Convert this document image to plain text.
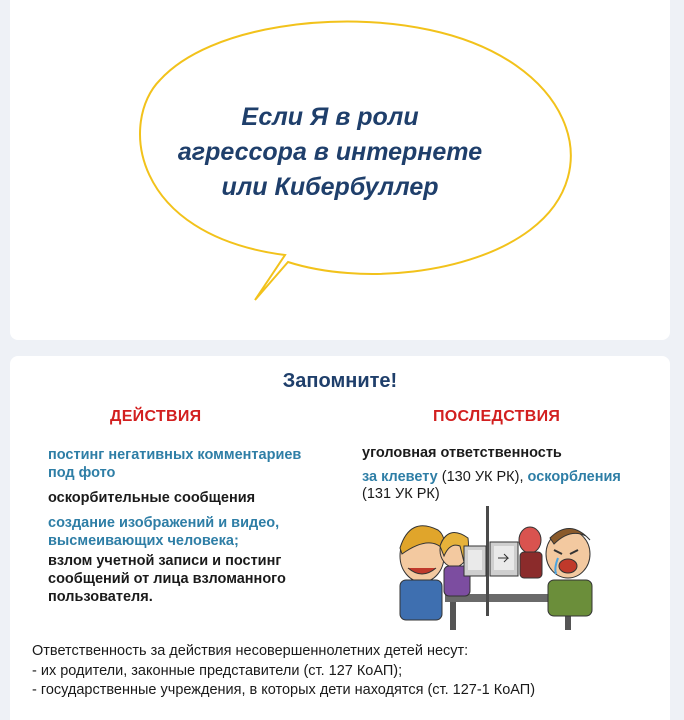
Если Я в роли
агрессора в интернете
или Кибербуллер
Запомните!
ДЕЙСТВИЯ	ПОСЛЕДСТВИЯ
постинг негативных комментариев
под фото
оскорбительные сообщения
создание изображений и видео,
высмеивающих человека;
взлом учетной записи и постинг
сообщений от лица взломанного
пользователя.
уголовная ответственность
за клевету (130 УК РК), оскорбления
(131 УК РК)
Ответственность за действия несовершеннолетних детей несут:
- их родители, законные представители (ст. 127 КоАП);
- государственные учреждения, в которых дети находятся (ст. 127-1 КоАП)
